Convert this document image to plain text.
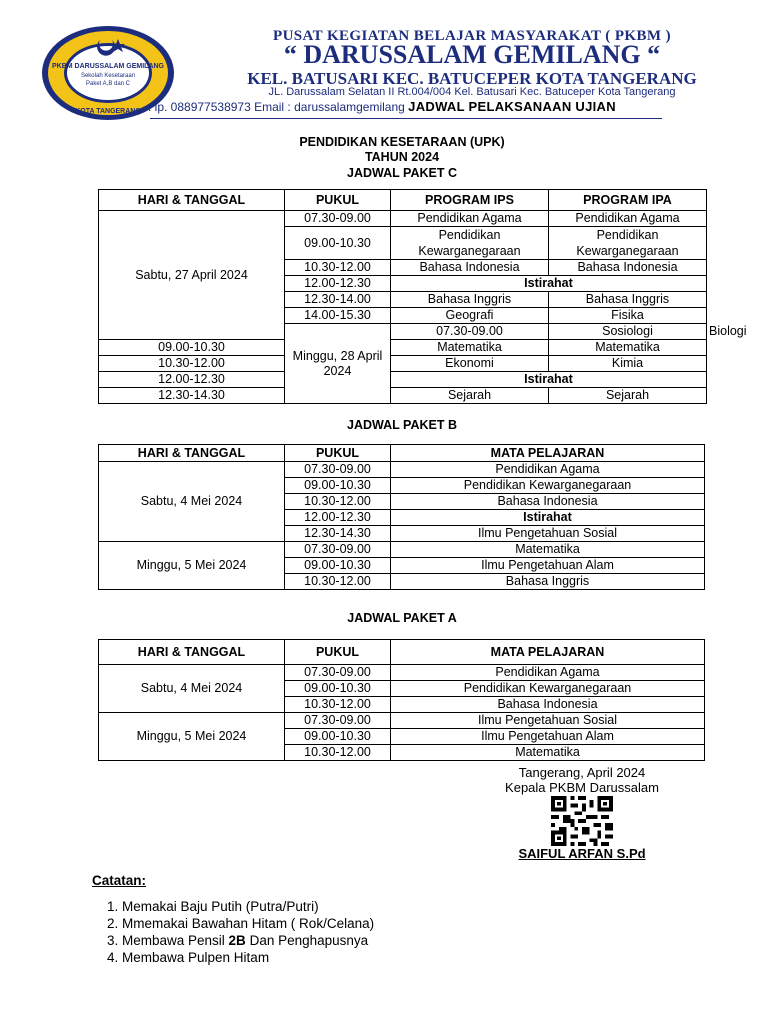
PKBM DARUSSALAM GEMILANG
Sekolah Kesetaraan
Paket A,B dan C
KOTA TANGERANG
PUSAT KEGIATAN BELAJAR MASYARAKAT ( PKBM )
“ DARUSSALAM GEMILANG “
KEL. BATUSARI KEC. BATUCEPER KOTA TANGERANG
JL. Darussalam Selatan II Rt.004/004 Kel. Batusari Kec. Batuceper Kota Tangerang
. lp. 088977538973 Email : darussalamgemilang JADWAL PELAKSANAAN UJIAN
PENDIDIKAN KESETARAAN (UPK)
TAHUN 2024
JADWAL PAKET C
HARI & TANGGAL	PUKUL	PROGRAM IPS	PROGRAM IPA	
Sabtu, 27 April 2024	07.30-09.00	Pendidikan Agama	Pendidikan Agama	
	09.00-10.30	Pendidikan Kewarganegaraan	Pendidikan Kewarganegaraan	
	10.30-12.00	Bahasa Indonesia	Bahasa Indonesia	
	12.00-12.30	Istirahat		
	12.30-14.00	Bahasa Inggris	Bahasa Inggris	
	14.00-15.30	Geografi	Fisika	
	Minggu, 28 April 2024	07.30-09.00	Sosiologi	Biologi
09.00-10.30		Matematika	Matematika	
10.30-12.00		Ekonomi	Kimia	
12.00-12.30		Istirahat		
12.30-14.30		Sejarah	Sejarah	
JADWAL PAKET B
HARI & TANGGAL	PUKUL	MATA PELAJARAN
Sabtu, 4 Mei 2024	07.30-09.00	Pendidikan Agama
	09.00-10.30	Pendidikan Kewarganegaraan
	10.30-12.00	Bahasa Indonesia
	12.00-12.30	Istirahat
	12.30-14.30	Ilmu Pengetahuan Sosial
Minggu, 5 Mei 2024	07.30-09.00	Matematika
	09.00-10.30	Ilmu Pengetahuan Alam
	10.30-12.00	Bahasa Inggris
JADWAL PAKET A
HARI & TANGGAL	PUKUL	MATA PELAJARAN
Sabtu, 4 Mei 2024	07.30-09.00	Pendidikan Agama
	09.00-10.30	Pendidikan Kewarganegaraan
	10.30-12.00	Bahasa Indonesia
Minggu, 5 Mei 2024	07.30-09.00	Ilmu Pengetahuan Sosial
	09.00-10.30	Ilmu Pengetahuan Alam
	10.30-12.00	Matematika
Tangerang, April 2024
Kepala PKBM Darussalam
SAIFUL ARFAN S.Pd
Catatan:
1. Memakai Baju Putih (Putra/Putri)
2. Mmemakai Bawahan Hitam ( Rok/Celana)
3. Membawa Pensil 2B Dan Penghapusnya
4. Membawa Pulpen Hitam
